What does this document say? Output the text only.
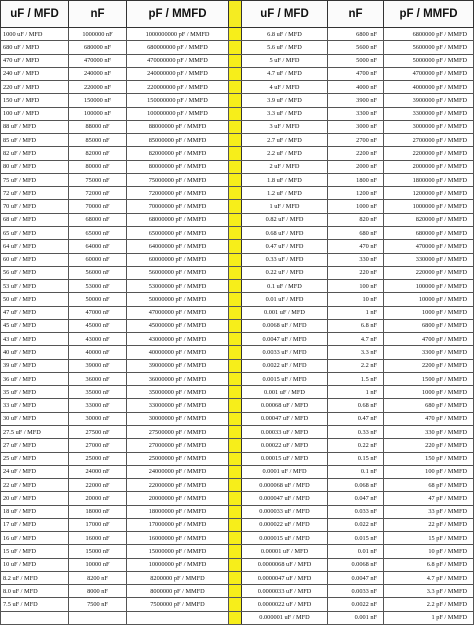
uF / MFD	nF	pF / MMFD		uF / MFD	nF	pF / MMFD
1000 uF / MFD	1000000 nF	1000000000 pF / MMFD		6.8 uF / MFD	6800 nF	6800000 pF / MMFD
680 uF / MFD	680000 nF	680000000 pF / MMFD		5.6 uF / MFD	5600 nF	5600000 pF / MMFD
470 uF / MFD	470000 nF	470000000 pF / MMFD		5 uF / MFD	5000 nF	5000000 pF / MMFD
240 uF / MFD	240000 nF	240000000 pF / MMFD		4.7 uF / MFD	4700 nF	4700000 pF / MMFD
220 uF / MFD	220000 nF	220000000 pF / MMFD		4 uF / MFD	4000 nF	4000000 pF / MMFD
150 uF / MFD	150000 nF	150000000 pF / MMFD		3.9 uF / MFD	3900 nF	3900000 pF / MMFD
100 uF / MFD	100000 nF	100000000 pF / MMFD		3.3 uF / MFD	3300 nF	3300000 pF / MMFD
88 uF / MFD	88000 nF	88000000 pF / MMFD		3 uF / MFD	3000 nF	3000000 pF / MMFD
85 uF / MFD	85000 nF	85000000 pF / MMFD		2.7 uF / MFD	2700 nF	2700000 pF / MMFD
82 uF / MFD	82000 nF	82000000 pF / MMFD		2.2 uF / MFD	2200 nF	2200000 pF / MMFD
80 uF / MFD	80000 nF	80000000 pF / MMFD		2 uF / MFD	2000 nF	2000000 pF / MMFD
75 uF / MFD	75000 nF	75000000 pF / MMFD		1.8 uF / MFD	1800 nF	1800000 pF / MMFD
72 uF / MFD	72000 nF	72000000 pF / MMFD		1.2 uF / MFD	1200 nF	1200000 pF / MMFD
70 uF / MFD	70000 nF	70000000 pF / MMFD		1 uF / MFD	1000 nF	1000000 pF / MMFD
68 uF / MFD	68000 nF	68000000 pF / MMFD		0.82 uF / MFD	820 nF	820000 pF / MMFD
65 uF / MFD	65000 nF	65000000 pF / MMFD		0.68 uF / MFD	680 nF	680000 pF / MMFD
64 uF / MFD	64000 nF	64000000 pF / MMFD		0.47 uF / MFD	470 nF	470000 pF / MMFD
60 uF / MFD	60000 nF	60000000 pF / MMFD		0.33 uF / MFD	330 nF	330000 pF / MMFD
56 uF / MFD	56000 nF	56000000 pF / MMFD		0.22 uF / MFD	220 nF	220000 pF / MMFD
53 uF / MFD	53000 nF	53000000 pF / MMFD		0.1 uF / MFD	100 nF	100000 pF / MMFD
50 uF / MFD	50000 nF	50000000 pF / MMFD		0.01 uF / MFD	10 nF	10000 pF / MMFD
47 uF / MFD	47000 nF	47000000 pF / MMFD		0.001 uF / MFD	1 nF	1000 pF / MMFD
45 uF / MFD	45000 nF	45000000 pF / MMFD		0.0068 uF / MFD	6.8 nF	6800 pF / MMFD
43 uF / MFD	43000 nF	43000000 pF / MMFD		0.0047 uF / MFD	4.7 nF	4700 pF / MMFD
40 uF / MFD	40000 nF	40000000 pF / MMFD		0.0033 uF / MFD	3.3 nF	3300 pF / MMFD
39 uF / MFD	39000 nF	39000000 pF / MMFD		0.0022 uF / MFD	2.2 nF	2200 pF / MMFD
36 uF / MFD	36000 nF	36000000 pF / MMFD		0.0015 uF / MFD	1.5 nF	1500 pF / MMFD
35 uF / MFD	35000 nF	35000000 pF / MMFD		0.001 uF / MFD	1 nF	1000 pF / MMFD
33 uF / MFD	33000 nF	33000000 pF / MMFD		0.00068 uF / MFD	0.68 nF	680 pF / MMFD
30 uF / MFD	30000 nF	30000000 pF / MMFD		0.00047 uF / MFD	0.47 nF	470 pF / MMFD
27.5 uF / MFD	27500 nF	27500000 pF / MMFD		0.00033 uF / MFD	0.33 nF	330 pF / MMFD
27 uF / MFD	27000 nF	27000000 pF / MMFD		0.00022 uF / MFD	0.22 nF	220 pF / MMFD
25 uF / MFD	25000 nF	25000000 pF / MMFD		0.00015 uF / MFD	0.15 nF	150 pF / MMFD
24 uF / MFD	24000 nF	24000000 pF / MMFD		0.0001 uF / MFD	0.1 nF	100 pF / MMFD
22 uF / MFD	22000 nF	22000000 pF / MMFD		0.000068 uF / MFD	0.068 nF	68 pF / MMFD
20 uF / MFD	20000 nF	20000000 pF / MMFD		0.000047 uF / MFD	0.047 nF	47 pF / MMFD
18 uF / MFD	18000 nF	18000000 pF / MMFD		0.000033 uF / MFD	0.033 nF	33 pF / MMFD
17 uF / MFD	17000 nF	17000000 pF / MMFD		0.000022 uF / MFD	0.022 nF	22 pF / MMFD
16 uF / MFD	16000 nF	16000000 pF / MMFD		0.000015 uF / MFD	0.015 nF	15 pF / MMFD
15 uF / MFD	15000 nF	15000000 pF / MMFD		0.00001 uF / MFD	0.01 nF	10 pF / MMFD
10 uF / MFD	10000 nF	10000000 pF / MMFD		0.0000068 uF / MFD	0.0068 nF	6.8 pF / MMFD
8.2 uF / MFD	8200 nF	8200000 pF / MMFD		0.0000047 uF / MFD	0.0047 nF	4.7 pF / MMFD
8.0 uF / MFD	8000 nF	8000000 pF / MMFD		0.0000033 uF / MFD	0.0033 nF	3.3 pF / MMFD
7.5 uF / MFD	7500 nF	7500000 pF / MMFD		0.0000022 uF / MFD	0.0022 nF	2.2 pF / MMFD
				0.000001 uF / MFD	0.001 nF	1 pF / MMFD
